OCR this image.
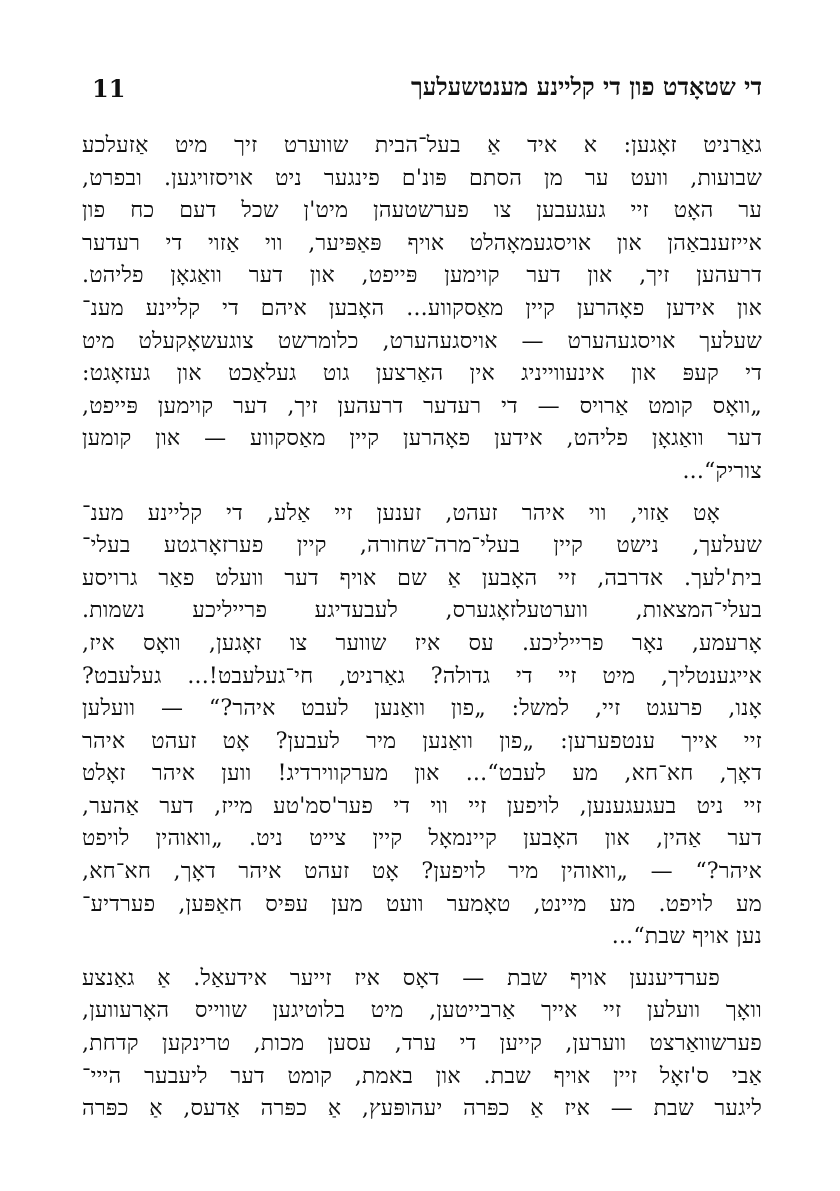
11	די שטאָדט פון די קליינע מענטשעלעך
גאַרניט זאָגען: א איד אַ בעל־הבית שווערט זיך מיט אַזעלכע
שבועות, וועט ער מן הסתם פּונ'ם פינגער ניט אויסזויגען. ובפרט,
ער האָט זיי געגעבען צו פערשטעהן מיט'ן שכל דעם כח פון
אייזענבאַהן און אויסגעמאָהלט אויף פּאַפּיער, ווי אַזוי די רעדער
דרעהען זיך, און דער קוימען פּייפט, און דער וואַגאָן פליהט.
און אידען פאָהרען קיין מאַסקווע... האָבען איהם די קליינע מענ־
שעלעך אויסגעהערט — אויסגעהערט, כלומרשט צוגעשאָקעלט מיט
די קעפּ און אינעווייניג אין האַרצען גוט געלאַכט און געזאָגט:
„וואָס קומט אַרויס — די רעדער דרעהען זיך, דער קוימען פּייפט,
דער וואַגאָן פליהט, אידען פאָהרען קיין מאַסקווע — און קומען
צוריק“...
אָט אַזוי, ווי איהר זעהט, זענען זיי אַלע, די קליינע מענ־
שעלעך, נישט קיין בעלי־מרה־שחורה, קיין פערזאָרגטע בעלי־
בית'לעך. אדרבה, זיי האָבען אַ שם אויף דער וועלט פאַר גרויסע
בעלי־המצאות, ווערטעלזאָגערס, לעבעדיגע פרייליכע נשמות.
אָרעמע, נאָר פרייליכע. עס איז שווער צו זאָגען, וואָס איז,
אייגענטליך, מיט זיי די גדולה? גאַרניט, חי־געלעבט!... געלעבט?
אָנו, פרעגט זיי, למשל: „פון וואַנען לעבט איהר?“ — וועלען
זיי אייך ענטפערען: „פון וואַנען מיר לעבען? אָט זעהט איהר
דאָך, חא־חא, מע לעבט“... און מערקווירדיג! ווען איהר זאָלט
זיי ניט בעגעגענען, לויפען זיי ווי די פער'סמ'טע מייז, דער אַהער,
דער אַהין, און האָבען קיינמאָל קיין צייט ניט. „וואוהין לויפט
איהר?“ — „וואוהין מיר לויפען? אָט זעהט איהר דאָך, חא־חא,
מע לויפט. מע מיינט, טאָמער וועט מען עפּיס חאַפּען, פערדיע־
נען אויף שבת“...
פערדיענען אויף שבת — דאָס איז זייער אידעאַל. אַ גאַנצע
וואָך וועלען זיי אייך אַרבייטען, מיט בלוטיגען שווייס האָרעווען,
פערשוואַרצט ווערען, קייען די ערד, עסען מכות, טרינקען קדחת,
אַבי ס'זאָל זיין אויף שבת. און באמת, קומט דער ליעבער הייי־
ליגער שבת — איז אַ כפּרה יעהופּעץ, אַ כפּרה אַדעס, אַ כפּרה
